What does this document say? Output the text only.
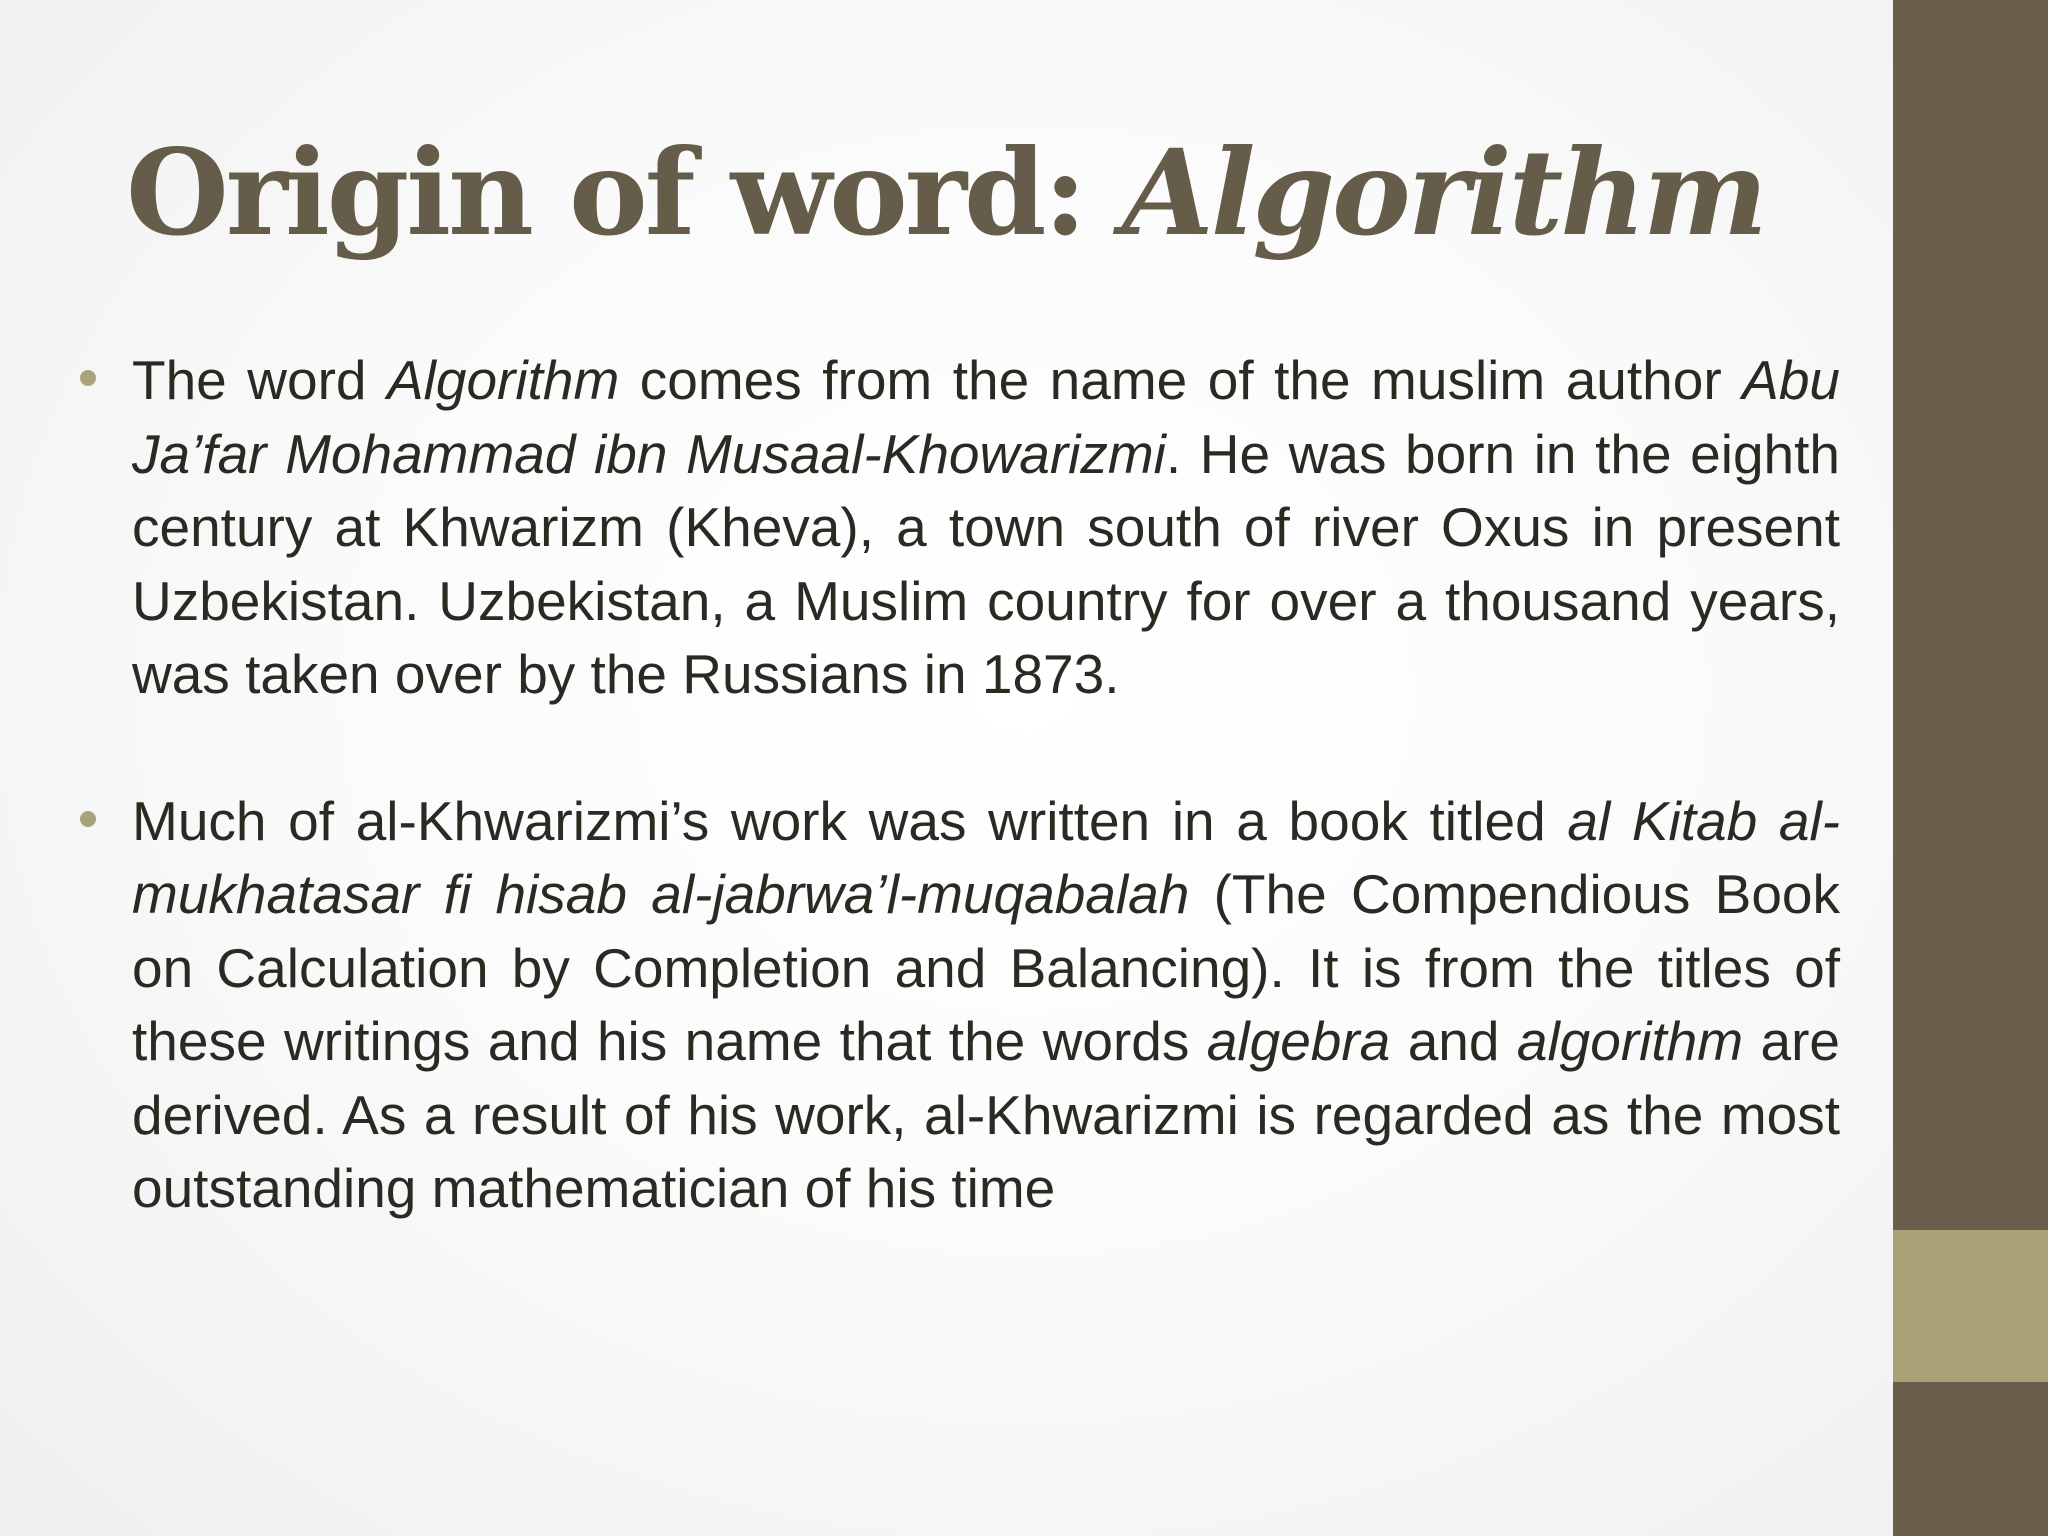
Origin of word: Algorithm
The word Algorithm comes from the name of the muslim author Abu Ja’far Mohammad ibn Musaal-Khowarizmi. He was born in the eighth century at Khwarizm (Kheva), a town south of river Oxus in present Uzbekistan. Uzbekistan, a Muslim country for over a thousand years, was taken over by the Russians in 1873.
Much of al-Khwarizmi’s work was written in a book titled al Kitab al-mukhatasar fi hisab al-jabrwa’l-muqabalah (The Compendious Book on Calculation by Completion and Balancing). It is from the titles of these writings and his name that the words algebra and algorithm are derived. As a result of his work, al-Khwarizmi is regarded as the most outstanding mathematician of his time
